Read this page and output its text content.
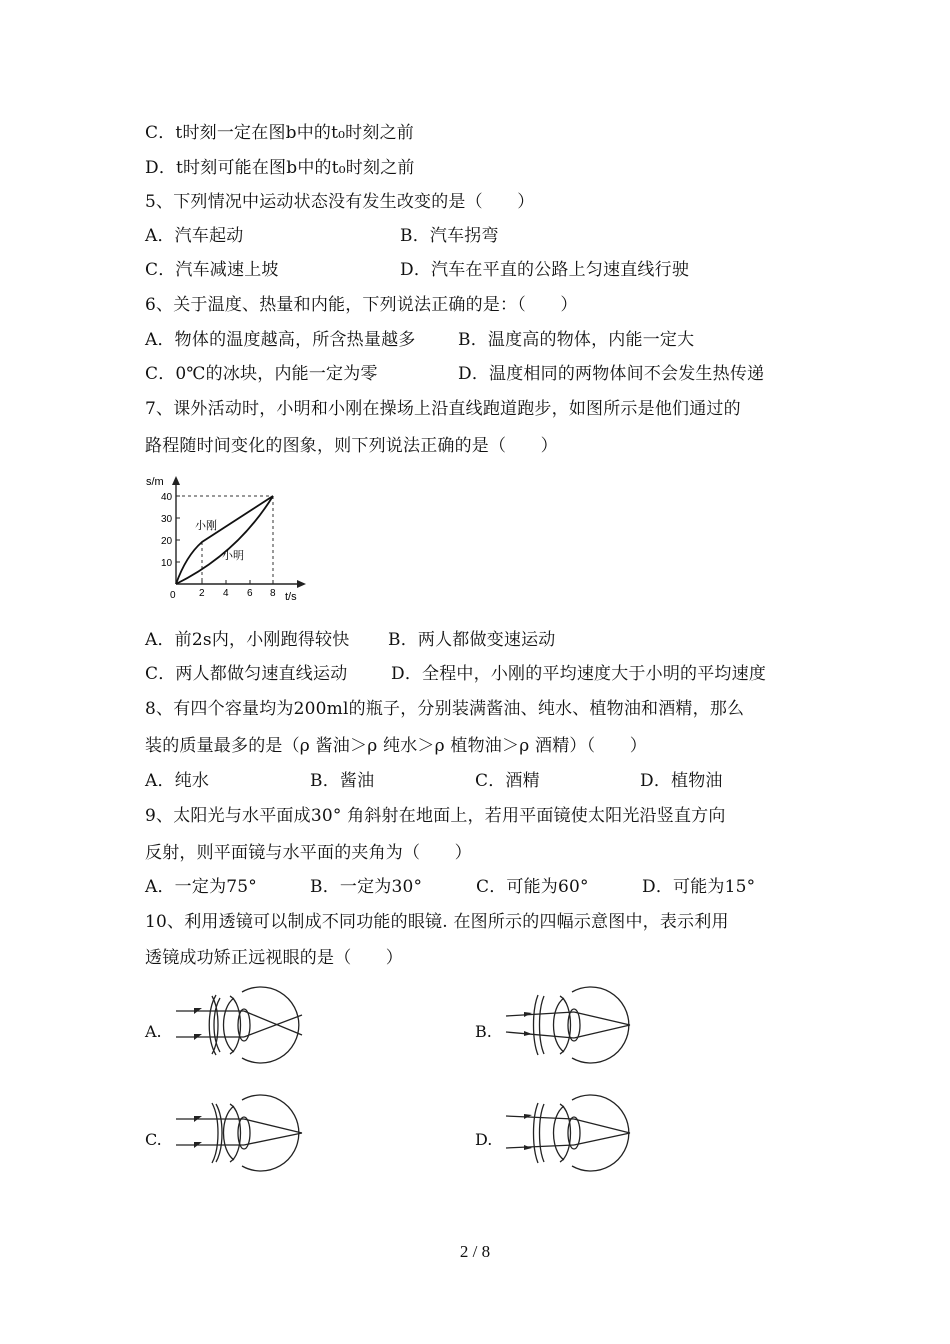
C．t时刻一定在图b中的t₀时刻之前
D．t时刻可能在图b中的t₀时刻之前
5、下列情况中运动状态没有发生改变的是（　　）
A．汽车起动	B．汽车拐弯
C．汽车减速上坡	D．汽车在平直的公路上匀速直线行驶
6、关于温度、热量和内能，下列说法正确的是：（　　）
A．物体的温度越高，所含热量越多	B．温度高的物体，内能一定大
C．0℃的冰块，内能一定为零	D．温度相同的两物体间不会发生热传递
7、课外活动时，小明和小刚在操场上沿直线跑道跑步，如图所示是他们通过的
路程随时间变化的图象，则下列说法正确的是（　　）
s/m
t/s
0
10
20
30
40
2 4 6 8
小刚
小明
A．前2s内，小刚跑得较快 B．两人都做变速运动
C．两人都做匀速直线运动	D．全程中，小刚的平均速度大于小明的平均速度
8、有四个容量均为200ml的瓶子，分别装满酱油、纯水、植物油和酒精，那么
装的质量最多的是（ρ 酱油＞ρ 纯水＞ρ 植物油＞ρ 酒精）（　　）
A．纯水	B．酱油	C．酒精	D．植物油
9、太阳光与水平面成30° 角斜射在地面上，若用平面镜使太阳光沿竖直方向
反射，则平面镜与水平面的夹角为（　　）
A．一定为75°	B．一定为30°	C．可能为60°	D．可能为15°
10、利用透镜可以制成不同功能的眼镜. 在图所示的四幅示意图中，表示利用
透镜成功矫正远视眼的是（　　）
A.	B.
C.	D.
2 / 8
